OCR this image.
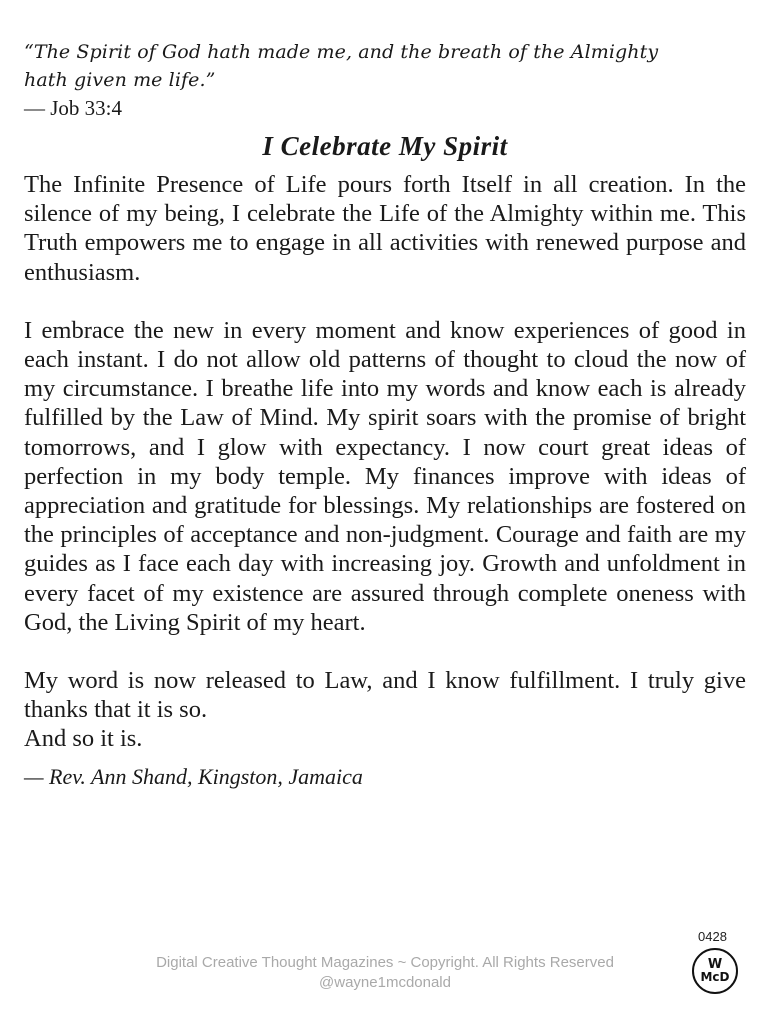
“The Spirit of God hath made me, and the breath of the Almighty
hath given me life.”

— Job 33:4

I Celebrate My Spirit

The Infinite Presence of Life pours forth Itself in all creation. In the silence of my being, I celebrate the Life of the Almighty within me. This Truth empowers me to engage in all activities with renewed purpose and enthusiasm.

I embrace the new in every moment and know experiences of good in each instant. I do not allow old patterns of thought to cloud the now of my circumstance. I breathe life into my words and know each is already fulfilled by the Law of Mind. My spirit soars with the promise of bright tomorrows, and I glow with expectancy. I now court great ideas of perfection in my body temple. My finances improve with ideas of appreciation and gratitude for blessings. My relationships are fostered on the principles of acceptance and non-judgment. Courage and faith are my guides as I face each day with increasing joy. Growth and unfoldment in every facet of my existence are assured through complete oneness with God, the Living Spirit of my heart.

My word is now released to Law, and I know fulfillment. I truly give thanks that it is so.

And so it is.

— Rev. Ann Shand, Kingston, Jamaica

0428
Digital Creative Thought Magazines ~ Copyright. All Rights Reserved
@wayne1mcdonald
W
McD
